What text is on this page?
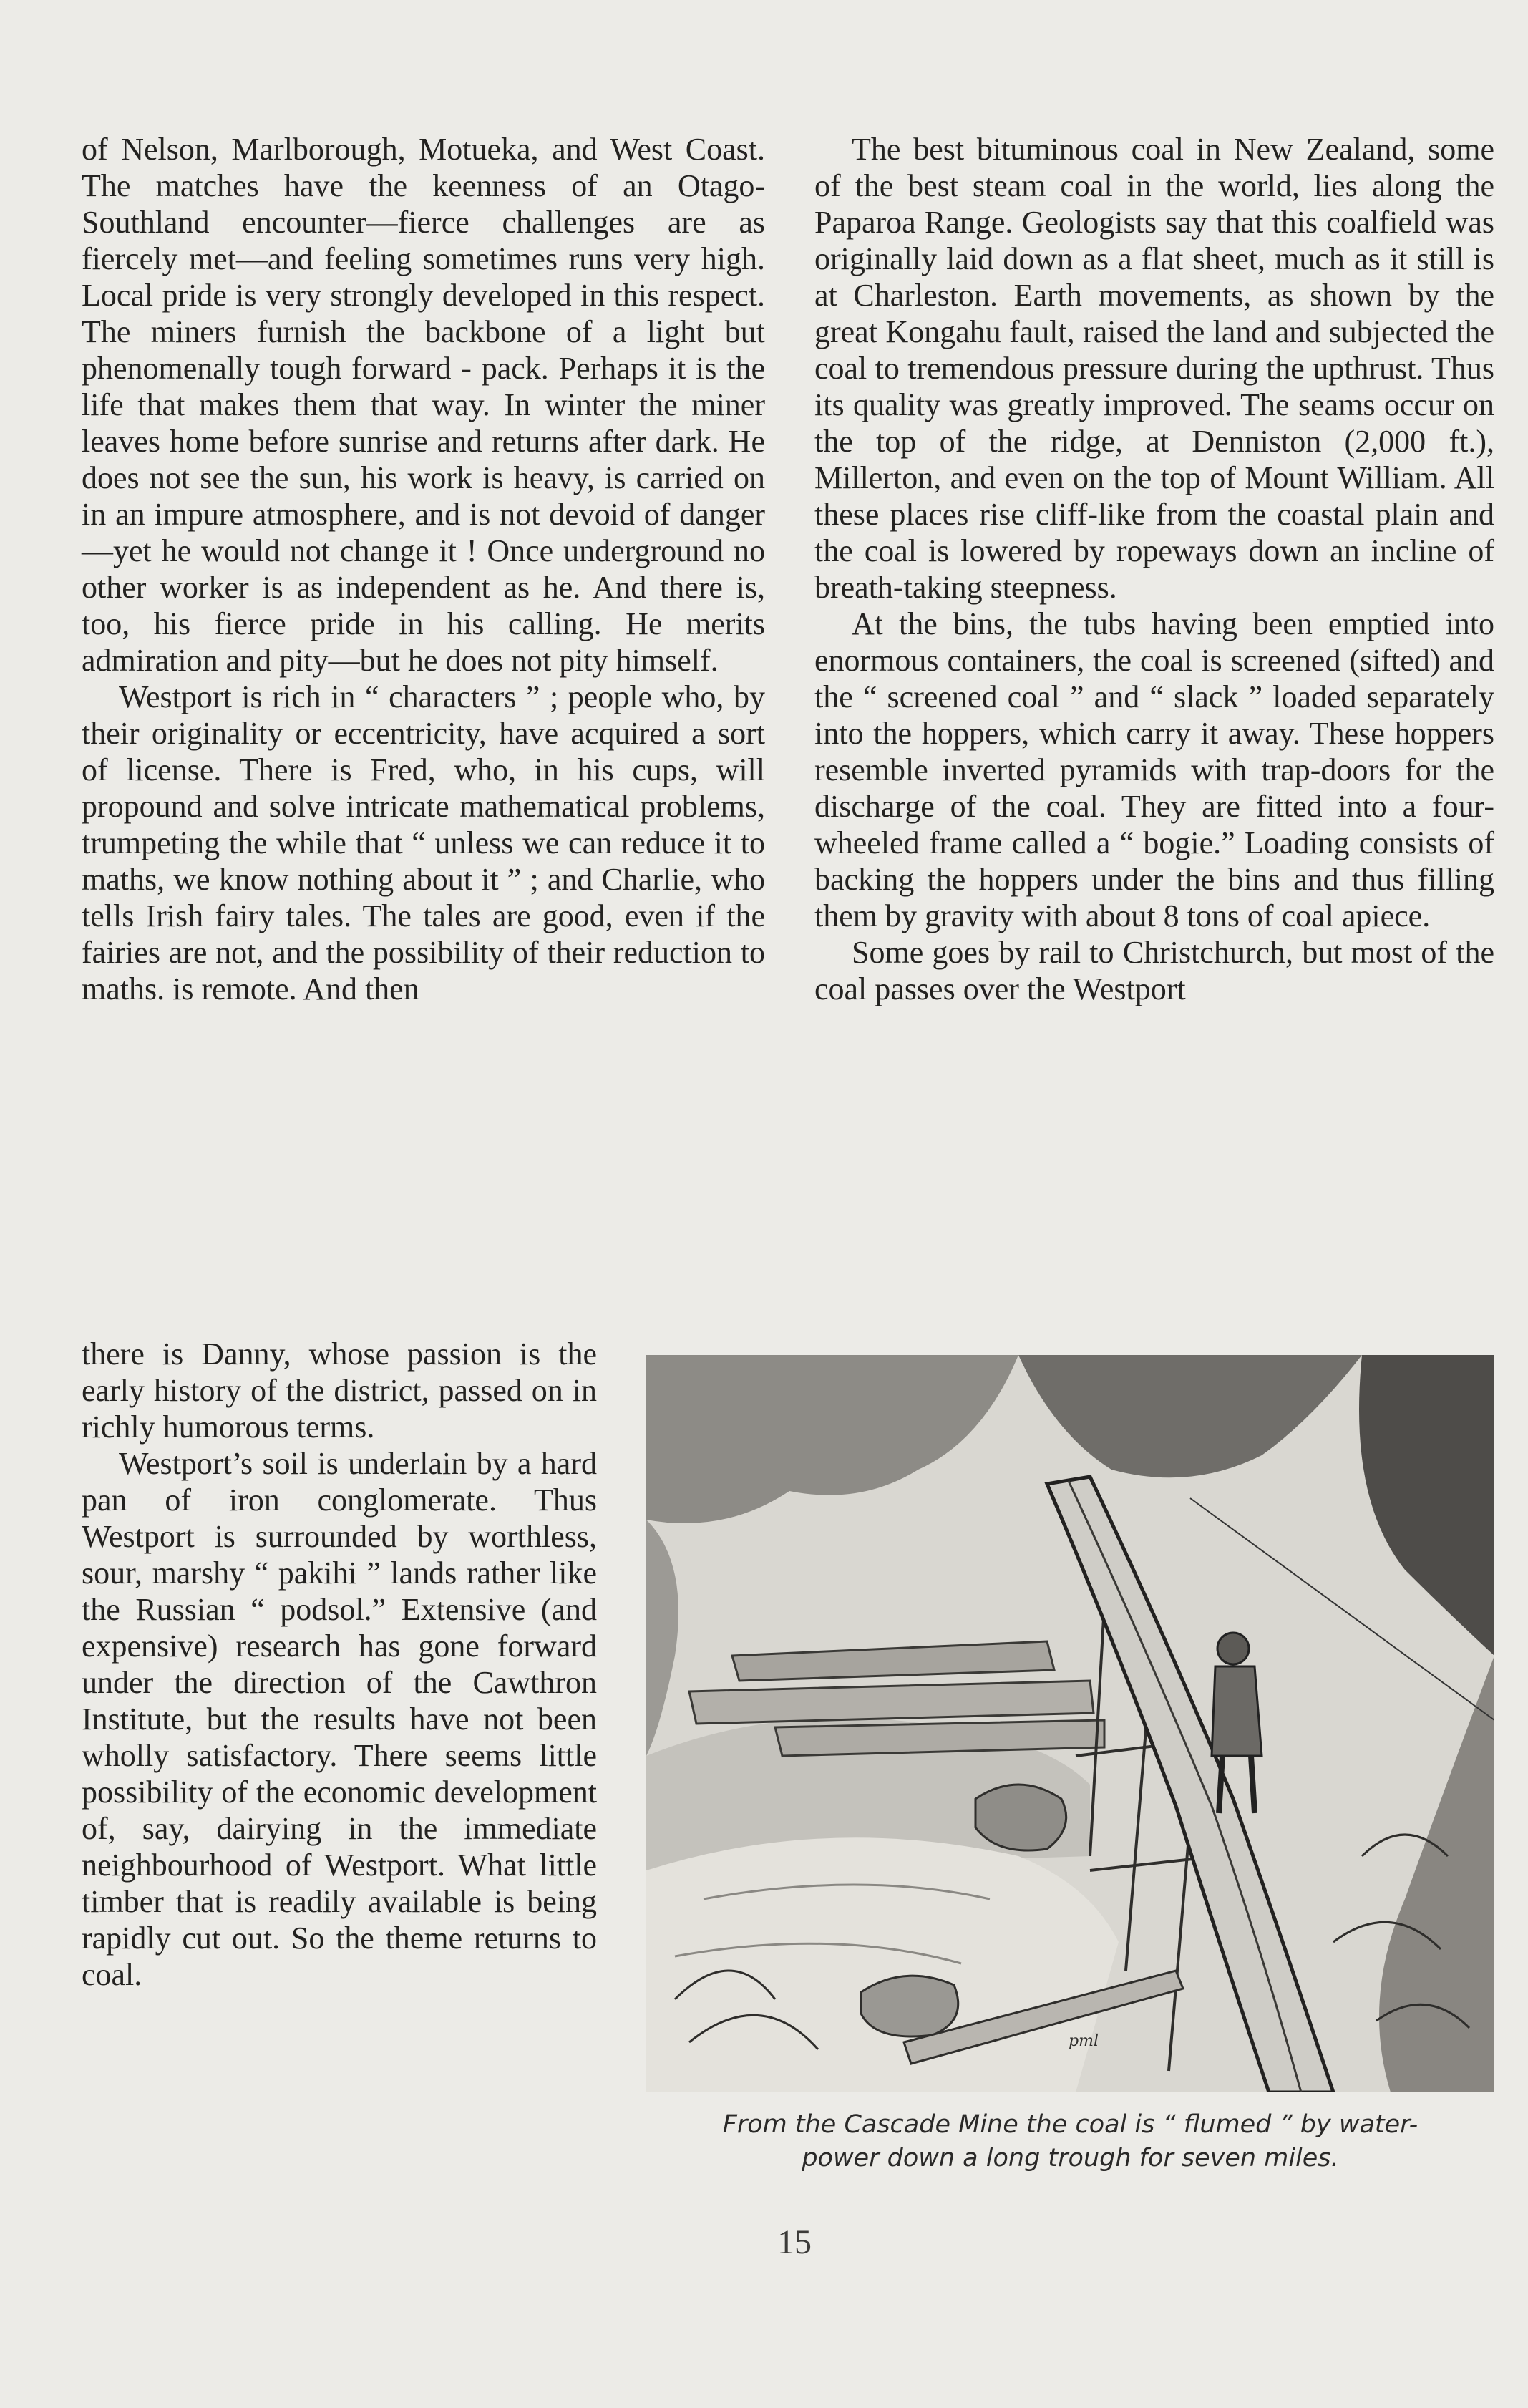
of Nelson, Marlborough, Motueka, and West Coast. The matches have the keenness of an Otago-Southland encounter—fierce challenges are as fiercely met—and feeling sometimes runs very high. Local pride is very strongly developed in this respect. The miners furnish the backbone of a light but phenomenally tough forward - pack. Perhaps it is the life that makes them that way. In winter the miner leaves home before sunrise and returns after dark. He does not see the sun, his work is heavy, is carried on in an impure atmosphere, and is not devoid of danger—yet he would not change it ! Once underground no other worker is as independent as he. And there is, too, his fierce pride in his calling. He merits admiration and pity—but he does not pity himself.

Westport is rich in “ characters ” ; people who, by their originality or eccentricity, have acquired a sort of license. There is Fred, who, in his cups, will propound and solve intricate mathematical problems, trumpeting the while that “ unless we can reduce it to maths, we know nothing about it ” ; and Charlie, who tells Irish fairy tales. The tales are good, even if the fairies are not, and the possibility of their reduction to maths. is remote. And then

there is Danny, whose passion is the early history of the district, passed on in richly humorous terms.

Westport’s soil is underlain by a hard pan of iron conglomerate. Thus Westport is surrounded by worthless, sour, marshy “ pakihi ” lands rather like the Russian “ podsol.” Extensive (and expensive) research has gone forward under the direction of the Cawthron Institute, but the results have not been wholly satisfactory. There seems little possibility of the economic development of, say, dairying in the immediate neighbourhood of Westport. What little timber that is readily available is being rapidly cut out. So the theme returns to coal.

The best bituminous coal in New Zealand, some of the best steam coal in the world, lies along the Paparoa Range. Geologists say that this coalfield was originally laid down as a flat sheet, much as it still is at Charleston. Earth movements, as shown by the great Kongahu fault, raised the land and subjected the coal to tremendous pressure during the upthrust. Thus its quality was greatly improved. The seams occur on the top of the ridge, at Denniston (2,000 ft.), Millerton, and even on the top of Mount William. All these places rise cliff-like from the coastal plain and the coal is lowered by ropeways down an incline of breath-taking steepness.

At the bins, the tubs having been emptied into enormous containers, the coal is screened (sifted) and the “ screened coal ” and “ slack ” loaded separately into the hoppers, which carry it away. These hoppers resemble inverted pyramids with trap-doors for the discharge of the coal. They are fitted into a four-wheeled frame called a “ bogie.” Loading consists of backing the hoppers under the bins and thus filling them by gravity with about 8 tons of coal apiece.

Some goes by rail to Christchurch, but most of the coal passes over the Westport

pml
From the Cascade Mine the coal is “ flumed ” by water-
power down a long trough for seven miles.
15
